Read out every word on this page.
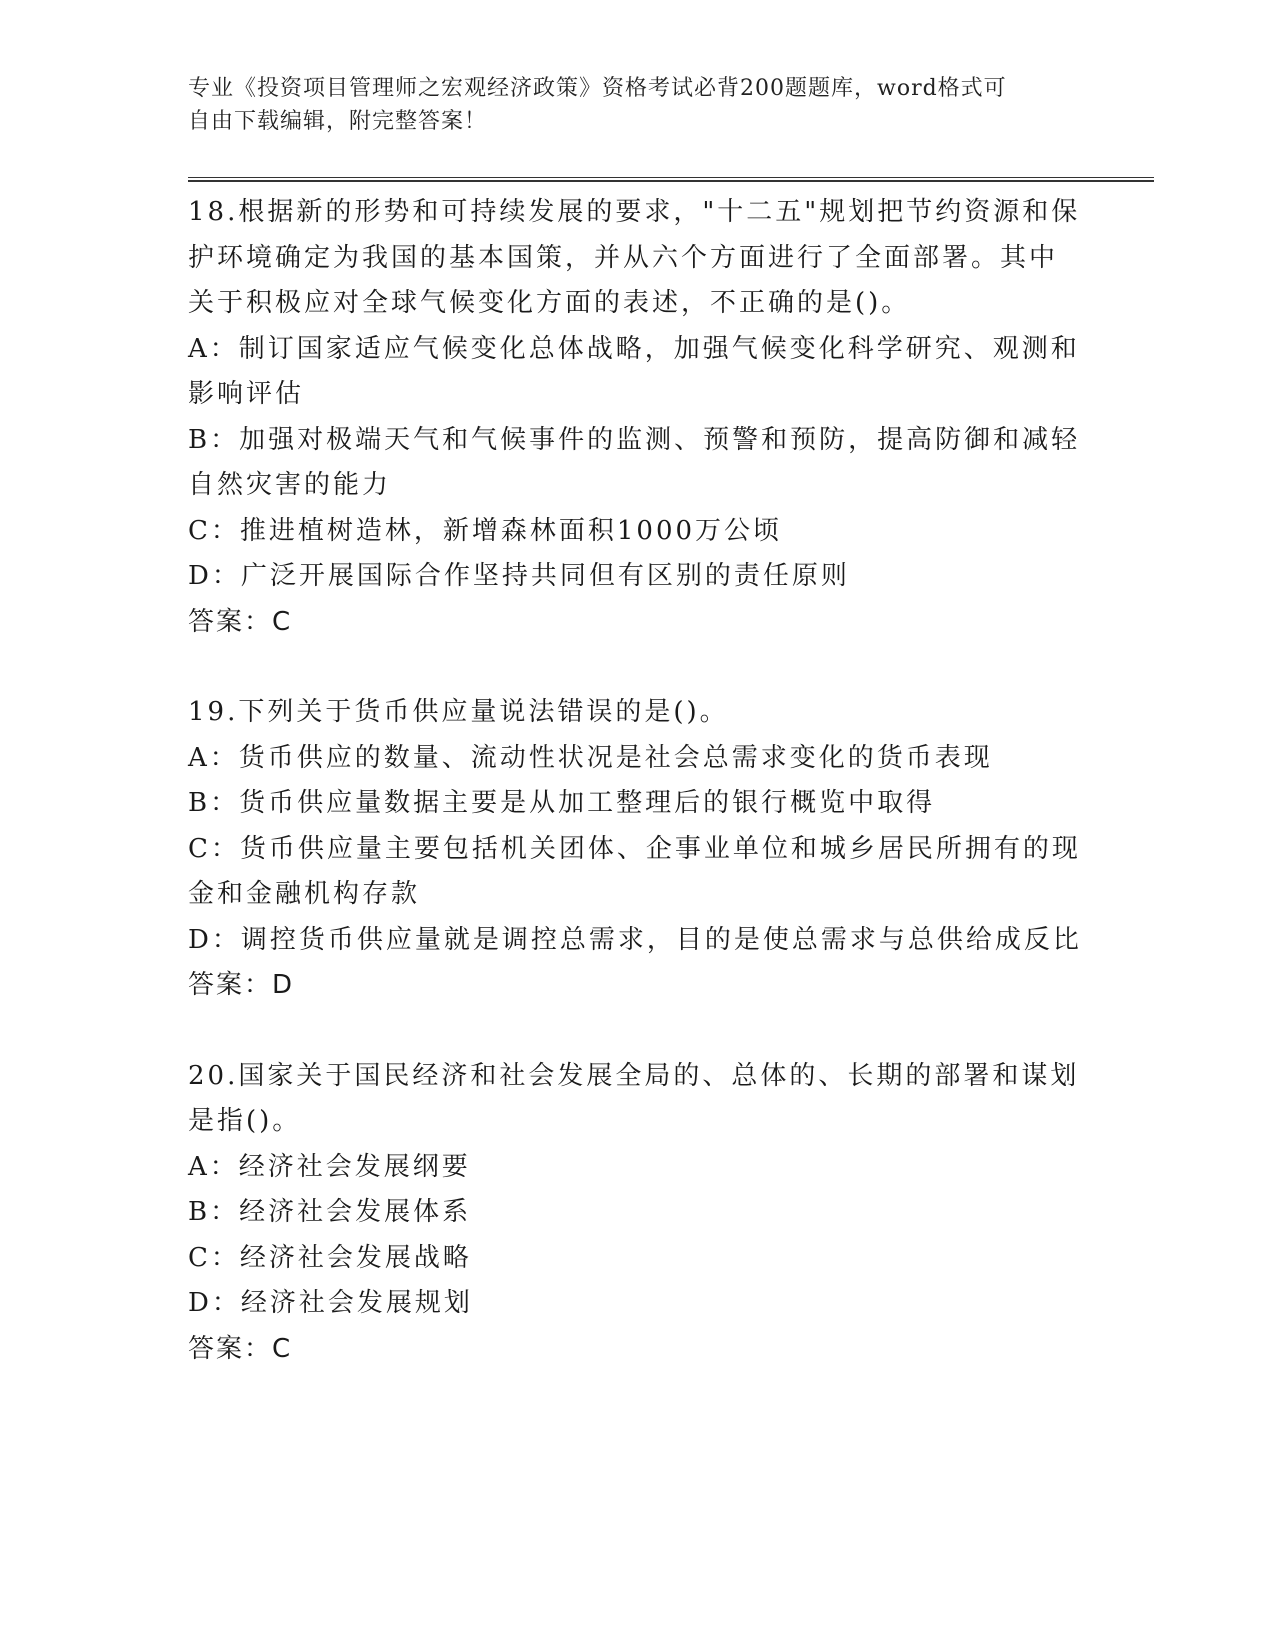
专业《投资项目管理师之宏观经济政策》资格考试必背200题题库，word格式可
自由下载编辑，附完整答案！
18.根据新的形势和可持续发展的要求，"十二五"规划把节约资源和保
护环境确定为我国的基本国策，并从六个方面进行了全面部署。其中
关于积极应对全球气候变化方面的表述，不正确的是()。
A：制订国家适应气候变化总体战略，加强气候变化科学研究、观测和
影响评估
B：加强对极端天气和气候事件的监测、预警和预防，提高防御和减轻
自然灾害的能力
C：推进植树造林，新增森林面积1000万公顷
D：广泛开展国际合作坚持共同但有区别的责任原则
答案：C
19.下列关于货币供应量说法错误的是()。
A：货币供应的数量、流动性状况是社会总需求变化的货币表现
B：货币供应量数据主要是从加工整理后的银行概览中取得
C：货币供应量主要包括机关团体、企事业单位和城乡居民所拥有的现
金和金融机构存款
D：调控货币供应量就是调控总需求，目的是使总需求与总供给成反比
答案：D
20.国家关于国民经济和社会发展全局的、总体的、长期的部署和谋划
是指()。
A：经济社会发展纲要
B：经济社会发展体系
C：经济社会发展战略
D：经济社会发展规划
答案：C
